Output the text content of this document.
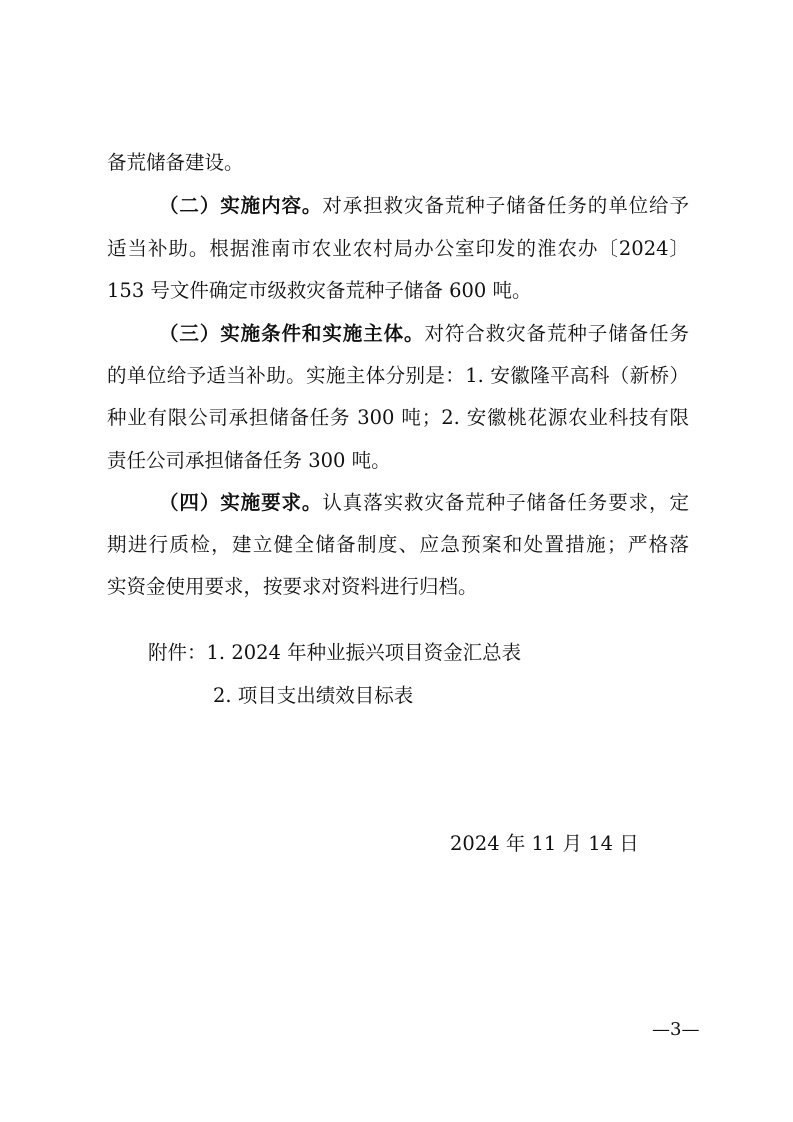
备荒储备建设。
（二）实施内容。对承担救灾备荒种子储备任务的单位给予
适当补助。根据淮南市农业农村局办公室印发的淮农办〔2024〕
153 号文件确定市级救灾备荒种子储备 600 吨。
（三）实施条件和实施主体。对符合救灾备荒种子储备任务
的单位给予适当补助。实施主体分别是：1. 安徽隆平高科（新桥）
种业有限公司承担储备任务 300 吨；2. 安徽桃花源农业科技有限
责任公司承担储备任务 300 吨。
（四）实施要求。认真落实救灾备荒种子储备任务要求，定
期进行质检，建立健全储备制度、应急预案和处置措施；严格落
实资金使用要求，按要求对资料进行归档。
附件：1. 2024 年种业振兴项目资金汇总表
2. 项目支出绩效目标表
2024 年 11 月 14 日
—3—
